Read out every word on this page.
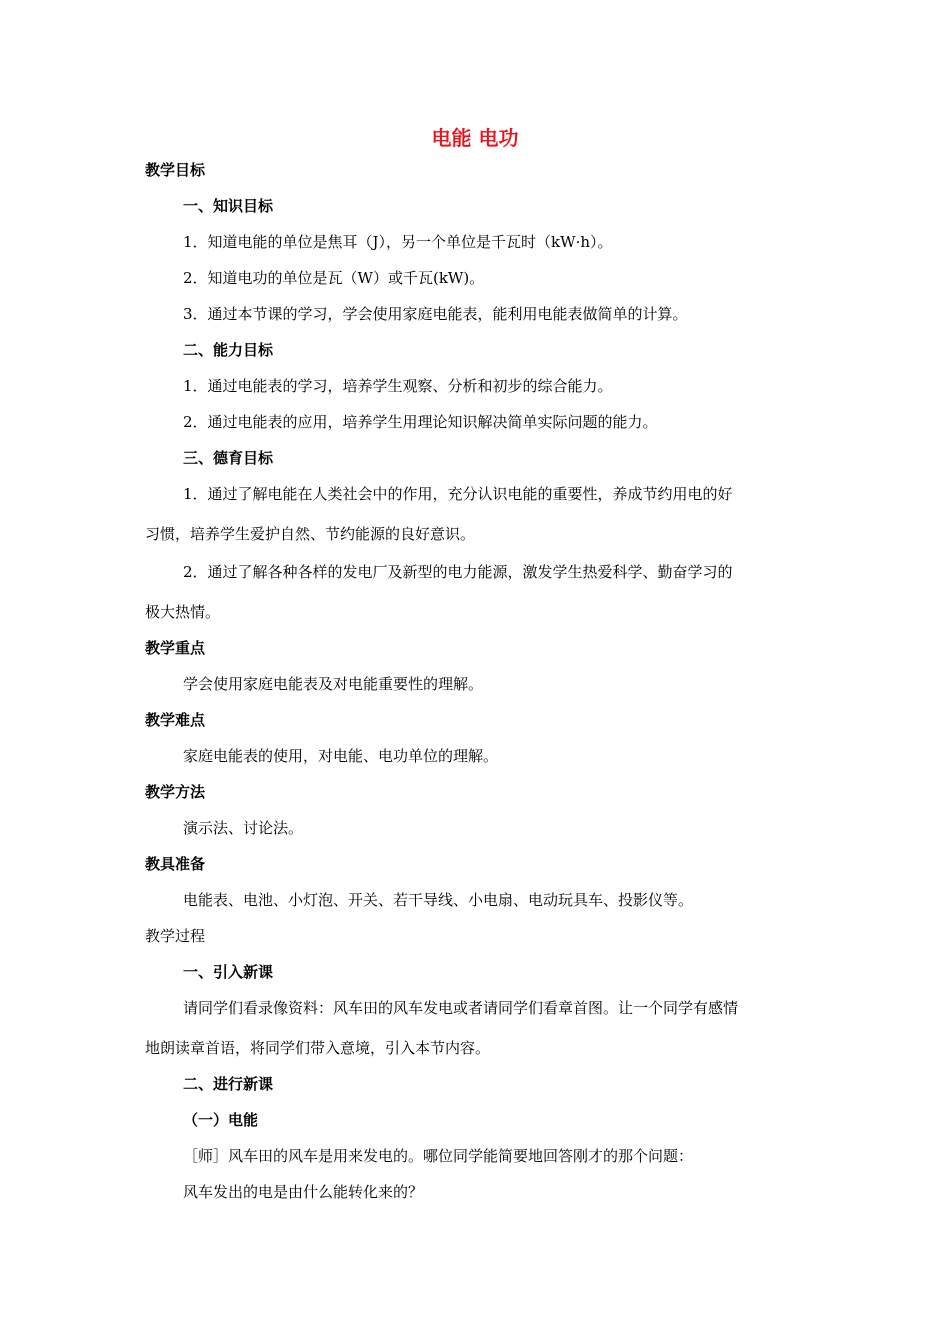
电能 电功
教学目标
一、知识目标
1．知道电能的单位是焦耳（J），另一个单位是千瓦时（kW·h）。
2．知道电功的单位是瓦（W）或千瓦(kW)。
3．通过本节课的学习，学会使用家庭电能表，能利用电能表做简单的计算。
二、能力目标
1．通过电能表的学习，培养学生观察、分析和初步的综合能力。
2．通过电能表的应用，培养学生用理论知识解决简单实际问题的能力。
三、德育目标
1．通过了解电能在人类社会中的作用，充分认识电能的重要性，养成节约用电的好
习惯，培养学生爱护自然、节约能源的良好意识。
2．通过了解各种各样的发电厂及新型的电力能源，激发学生热爱科学、勤奋学习的
极大热情。
教学重点
学会使用家庭电能表及对电能重要性的理解。
教学难点
家庭电能表的使用，对电能、电功单位的理解。
教学方法
演示法、讨论法。
教具准备
电能表、电池、小灯泡、开关、若干导线、小电扇、电动玩具车、投影仪等。
教学过程
一、引入新课
请同学们看录像资料：风车田的风车发电或者请同学们看章首图。让一个同学有感情
地朗读章首语，将同学们带入意境，引入本节内容。
二、进行新课
（一）电能
［师］风车田的风车是用来发电的。哪位同学能简要地回答刚才的那个问题：
风车发出的电是由什么能转化来的？
